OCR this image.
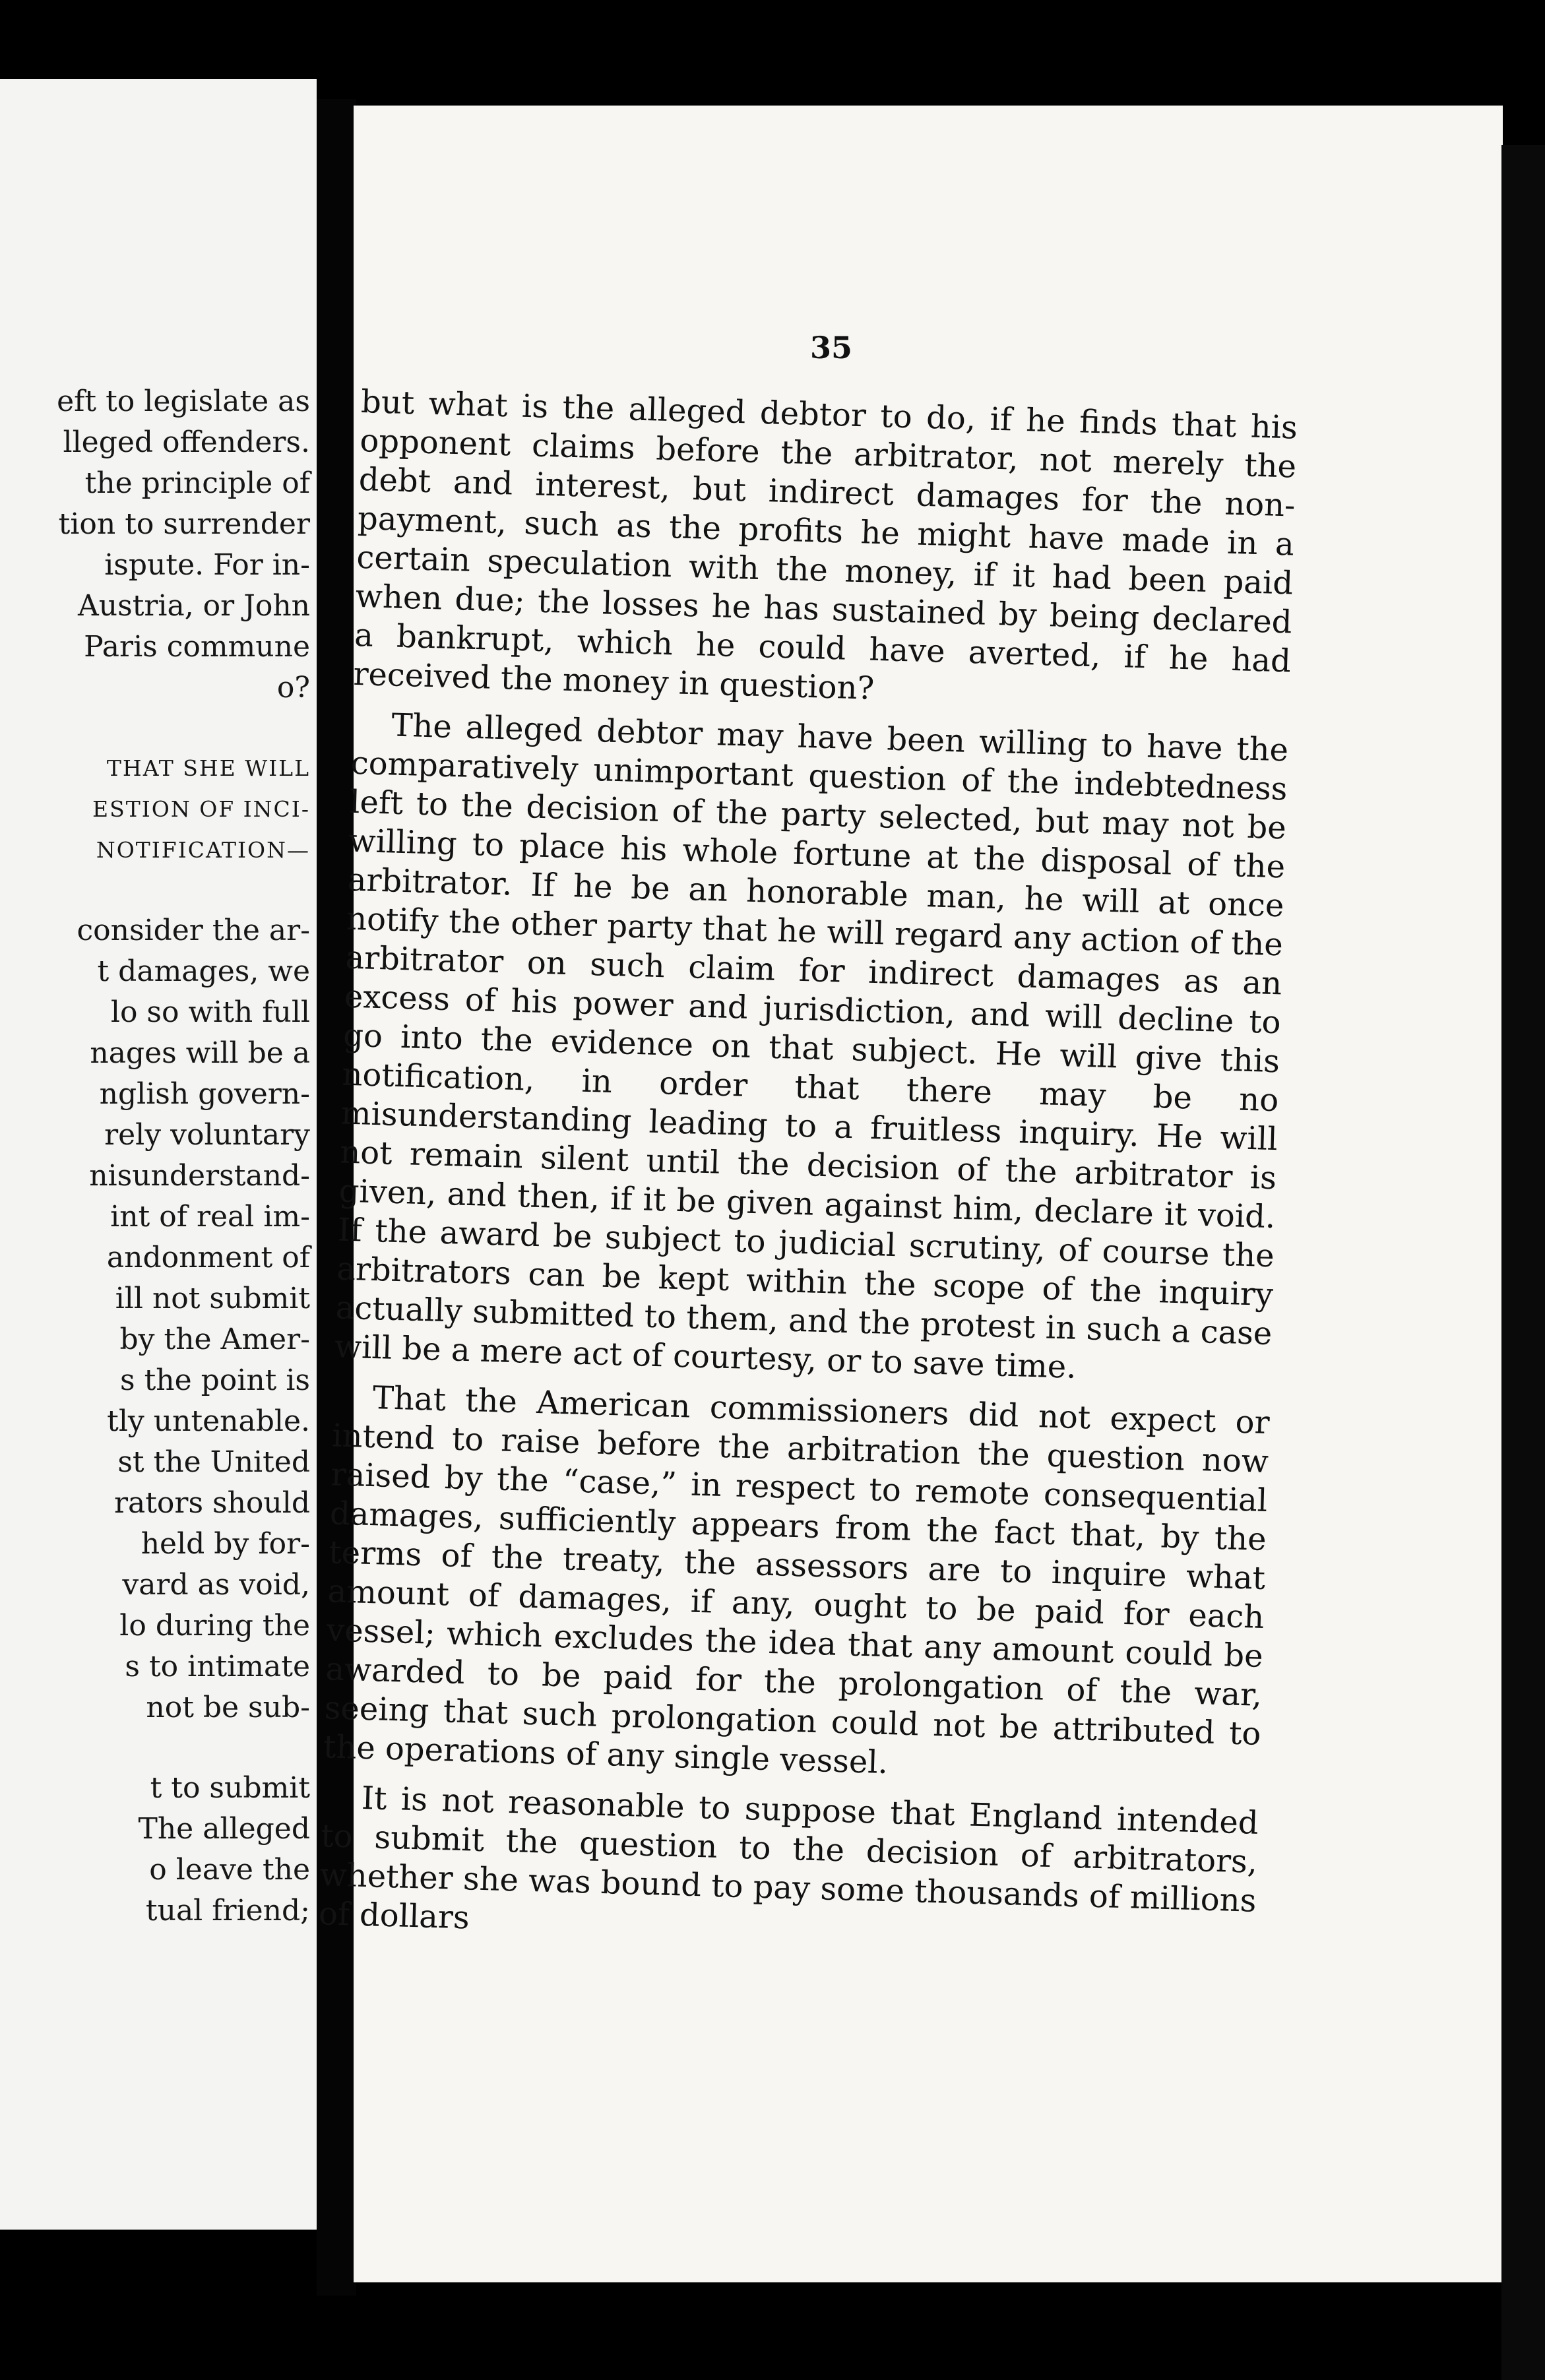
eft to legislate as
lleged offenders.
the principle of
tion to surrender
ispute. For in-
Austria, or John
Paris commune
o?
THAT SHE WILL
ESTION OF INCI-
NOTIFICATION—
consider the ar-
t damages, we
lo so with full
nages will be a
nglish govern-
rely voluntary
nisunderstand-
int of real im-
andonment of
ill not submit
by the Amer-
s the point is
tly untenable.
st the United
rators should
held by for-
vard as void,
lo during the
s to intimate
not be sub-
t to submit
The alleged
o leave the
tual friend;
35

but what is the alleged debtor to do, if he finds that his opponent claims before the arbitrator, not merely the debt and interest, but indirect damages for the non-payment, such as the profits he might have made in a certain speculation with the money, if it had been paid when due; the losses he has sustained by being declared a bankrupt, which he could have averted, if he had received the money in question?

The alleged debtor may have been willing to have the comparatively unimportant question of the indebtedness left to the decision of the party selected, but may not be willing to place his whole fortune at the disposal of the arbitrator. If he be an honorable man, he will at once notify the other party that he will regard any action of the arbitrator on such claim for indirect damages as an excess of his power and jurisdiction, and will decline to go into the evidence on that subject. He will give this notification, in order that there may be no misunderstanding leading to a fruitless inquiry. He will not remain silent until the decision of the arbitrator is given, and then, if it be given against him, declare it void. If the award be subject to judicial scrutiny, of course the arbitrators can be kept within the scope of the inquiry actually submitted to them, and the protest in such a case will be a mere act of courtesy, or to save time.

That the American commissioners did not expect or intend to raise before the arbitration the question now raised by the “case,” in respect to remote consequential damages, sufficiently appears from the fact that, by the terms of the treaty, the assessors are to inquire what amount of damages, if any, ought to be paid for each vessel; which excludes the idea that any amount could be awarded to be paid for the prolongation of the war, seeing that such prolongation could not be attributed to the operations of any single vessel.

It is not reasonable to suppose that England intended to submit the question to the decision of arbitrators, whether she was bound to pay some thousands of millions of dollars
